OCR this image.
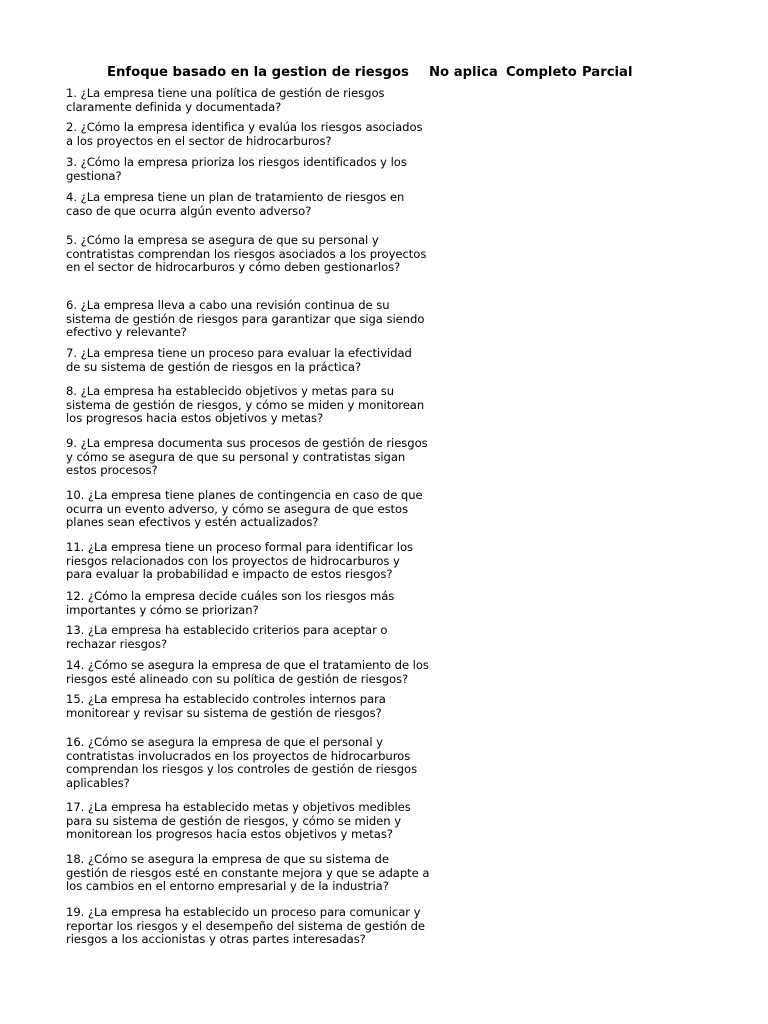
Enfoque basado en la gestion de riesgos No aplica Completo Parcial
1. ¿La empresa tiene una política de gestión de riesgos
claramente definida y documentada?
2. ¿Cómo la empresa identifica y evalúa los riesgos asociados
a los proyectos en el sector de hidrocarburos?
3. ¿Cómo la empresa prioriza los riesgos identificados y los
gestiona?
4. ¿La empresa tiene un plan de tratamiento de riesgos en
caso de que ocurra algún evento adverso?
5. ¿Cómo la empresa se asegura de que su personal y
contratistas comprendan los riesgos asociados a los proyectos
en el sector de hidrocarburos y cómo deben gestionarlos?
6. ¿La empresa lleva a cabo una revisión continua de su
sistema de gestión de riesgos para garantizar que siga siendo
efectivo y relevante?
7. ¿La empresa tiene un proceso para evaluar la efectividad
de su sistema de gestión de riesgos en la práctica?
8. ¿La empresa ha establecido objetivos y metas para su
sistema de gestión de riesgos, y cómo se miden y monitorean
los progresos hacia estos objetivos y metas?
9. ¿La empresa documenta sus procesos de gestión de riesgos
y cómo se asegura de que su personal y contratistas sigan
estos procesos?
10. ¿La empresa tiene planes de contingencia en caso de que
ocurra un evento adverso, y cómo se asegura de que estos
planes sean efectivos y estén actualizados?
11. ¿La empresa tiene un proceso formal para identificar los
riesgos relacionados con los proyectos de hidrocarburos y
para evaluar la probabilidad e impacto de estos riesgos?
12. ¿Cómo la empresa decide cuáles son los riesgos más
importantes y cómo se priorizan?
13. ¿La empresa ha establecido criterios para aceptar o
rechazar riesgos?
14. ¿Cómo se asegura la empresa de que el tratamiento de los
riesgos esté alineado con su política de gestión de riesgos?
15. ¿La empresa ha establecido controles internos para
monitorear y revisar su sistema de gestión de riesgos?
16. ¿Cómo se asegura la empresa de que el personal y
contratistas involucrados en los proyectos de hidrocarburos
comprendan los riesgos y los controles de gestión de riesgos
aplicables?
17. ¿La empresa ha establecido metas y objetivos medibles
para su sistema de gestión de riesgos, y cómo se miden y
monitorean los progresos hacia estos objetivos y metas?
18. ¿Cómo se asegura la empresa de que su sistema de
gestión de riesgos esté en constante mejora y que se adapte a
los cambios en el entorno empresarial y de la industria?
19. ¿La empresa ha establecido un proceso para comunicar y
reportar los riesgos y el desempeño del sistema de gestión de
riesgos a los accionistas y otras partes interesadas?
